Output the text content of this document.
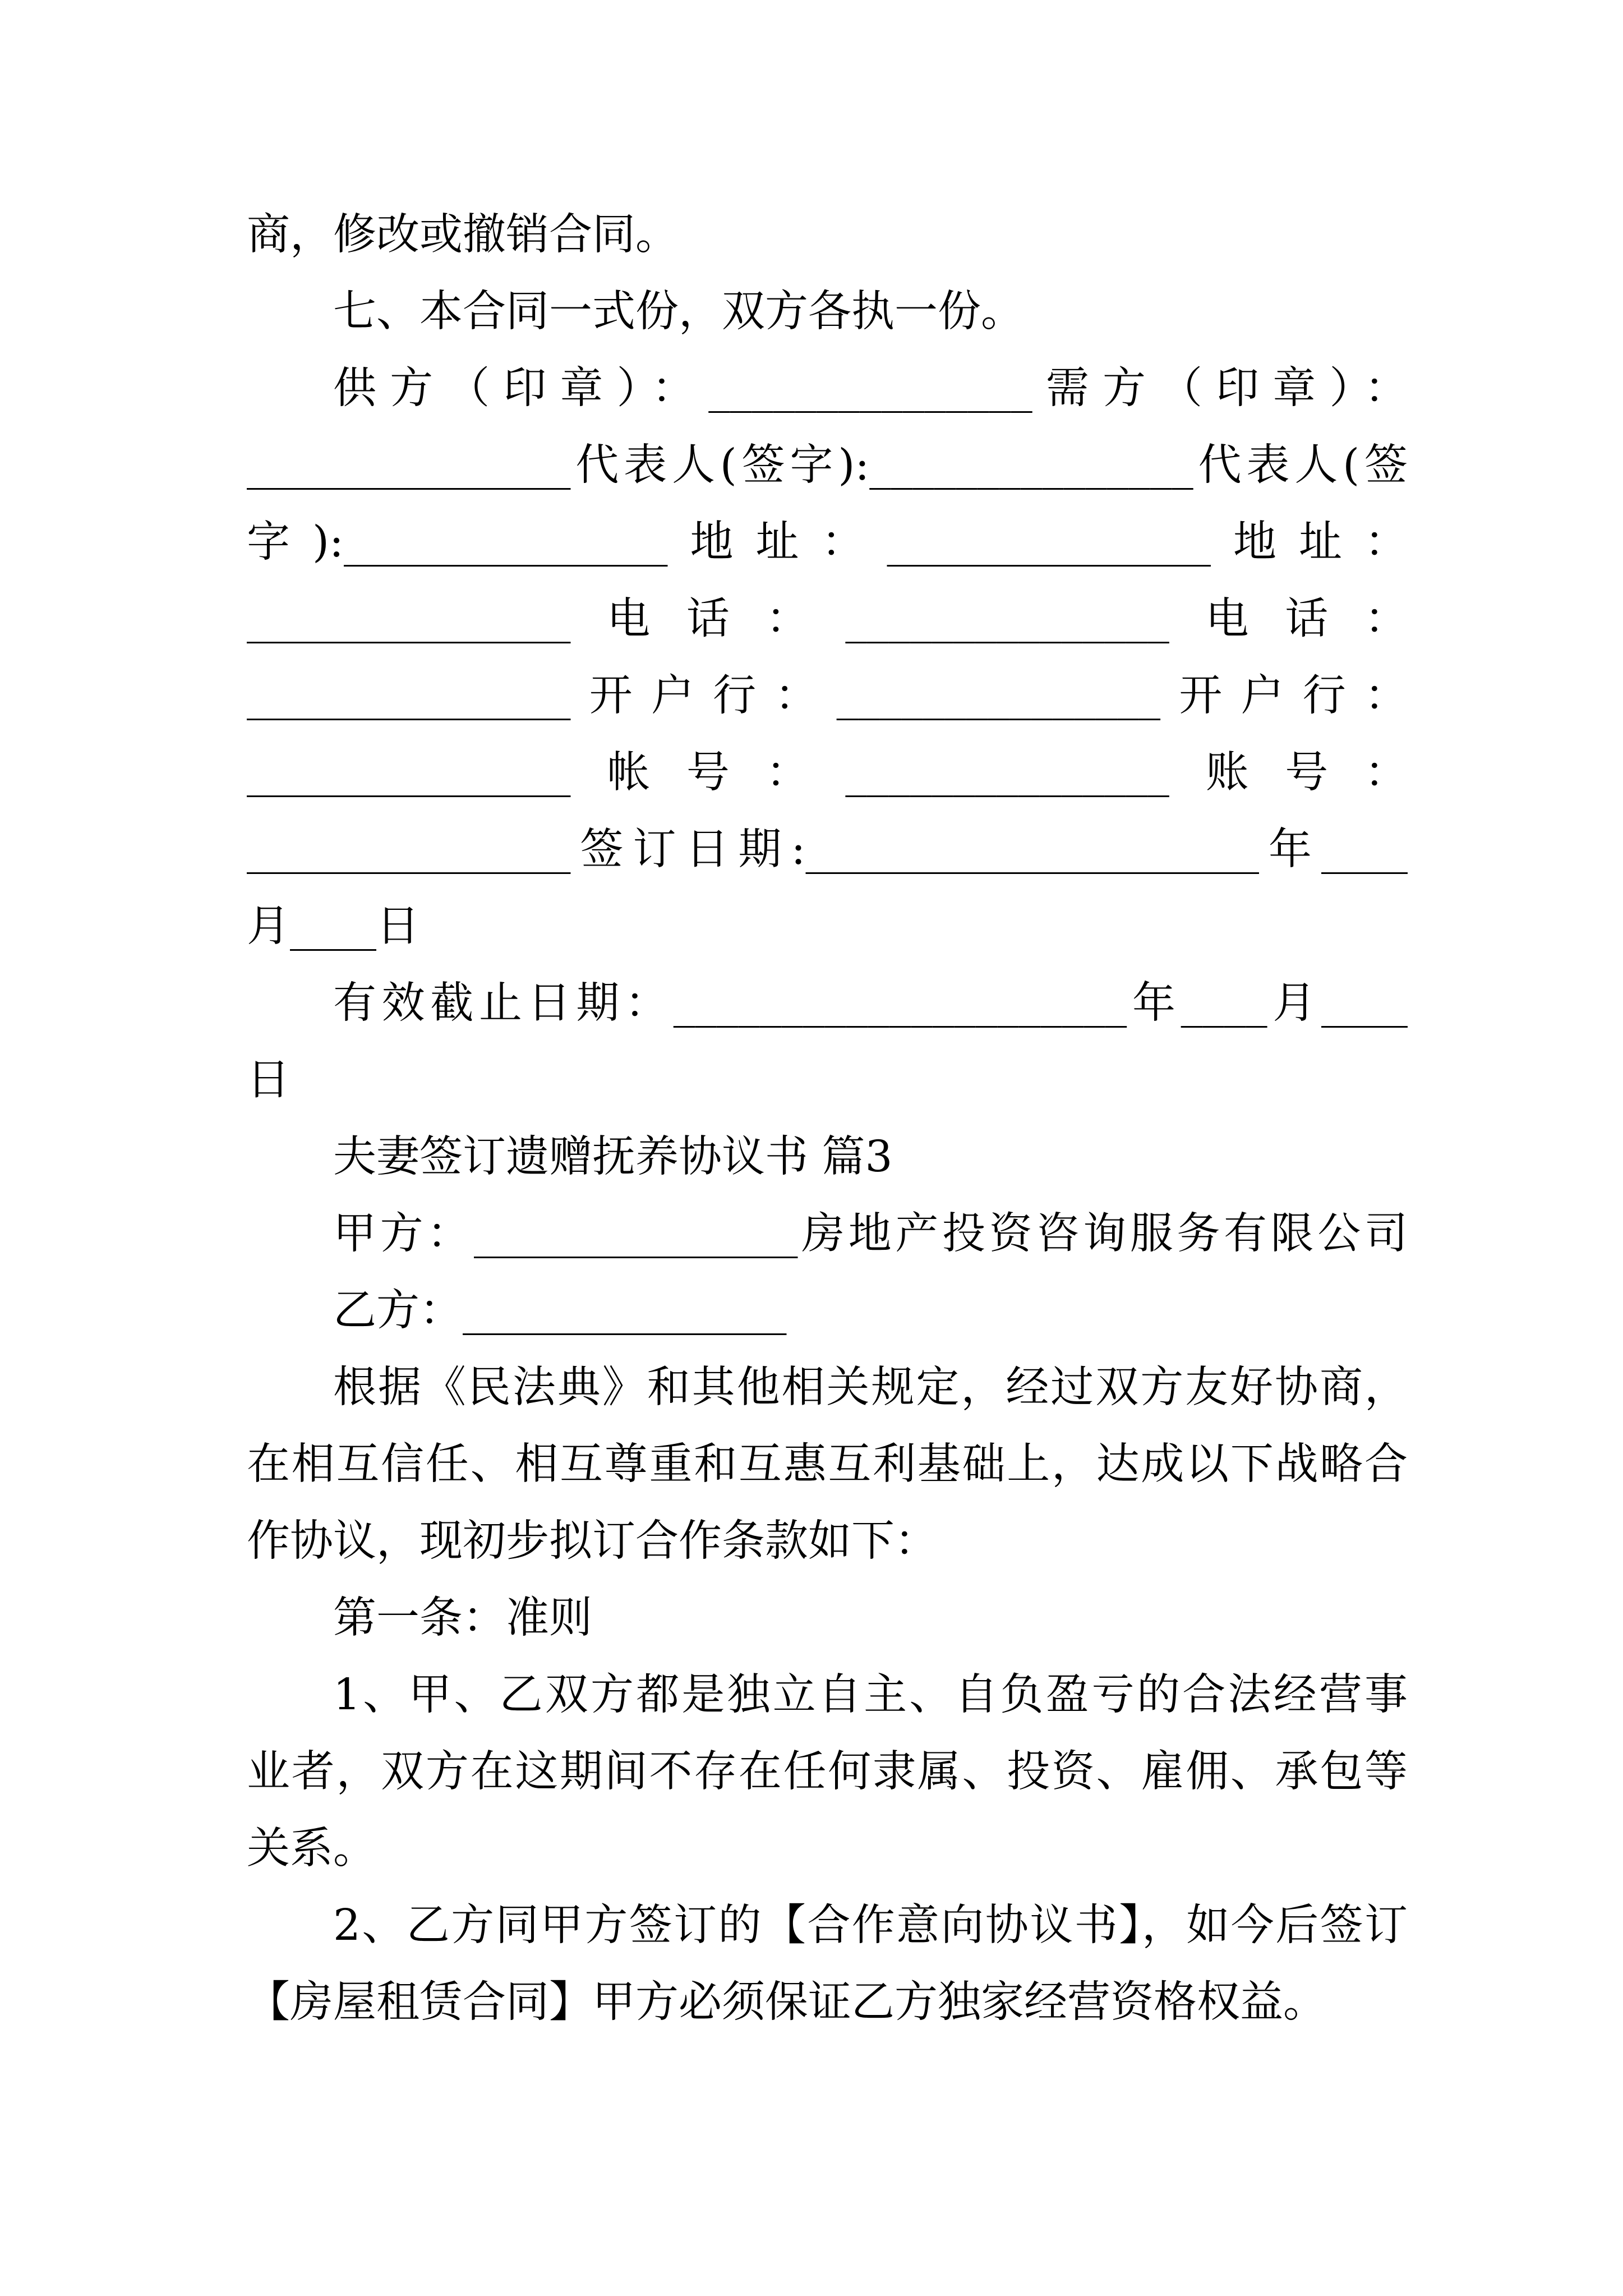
商，修改或撤销合同。

七、本合同一式份，双方各执一份。

供方（印章）：_______________需方（印章）：

_______________代表人(签字):_______________代表人(签

字):_______________地址：_______________地址：

_______________电话：_______________电话：

_______________开户行：_______________开户行：

_______________帐号：_______________账号：

_______________签订日期:_____________________年____

月____日

有效截止日期：_____________________年____月____

日

夫妻签订遗赠抚养协议书 篇3

甲方：_______________房地产投资咨询服务有限公司

乙方：_______________

根据《民法典》和其他相关规定，经过双方友好协商，

在相互信任、相互尊重和互惠互利基础上，达成以下战略合

作协议，现初步拟订合作条款如下：

第一条：准则

1、甲、乙双方都是独立自主、自负盈亏的合法经营事

业者，双方在这期间不存在任何隶属、投资、雇佣、承包等

关系。

2、乙方同甲方签订的【合作意向协议书】，如今后签订

【房屋租赁合同】甲方必须保证乙方独家经营资格权益。
